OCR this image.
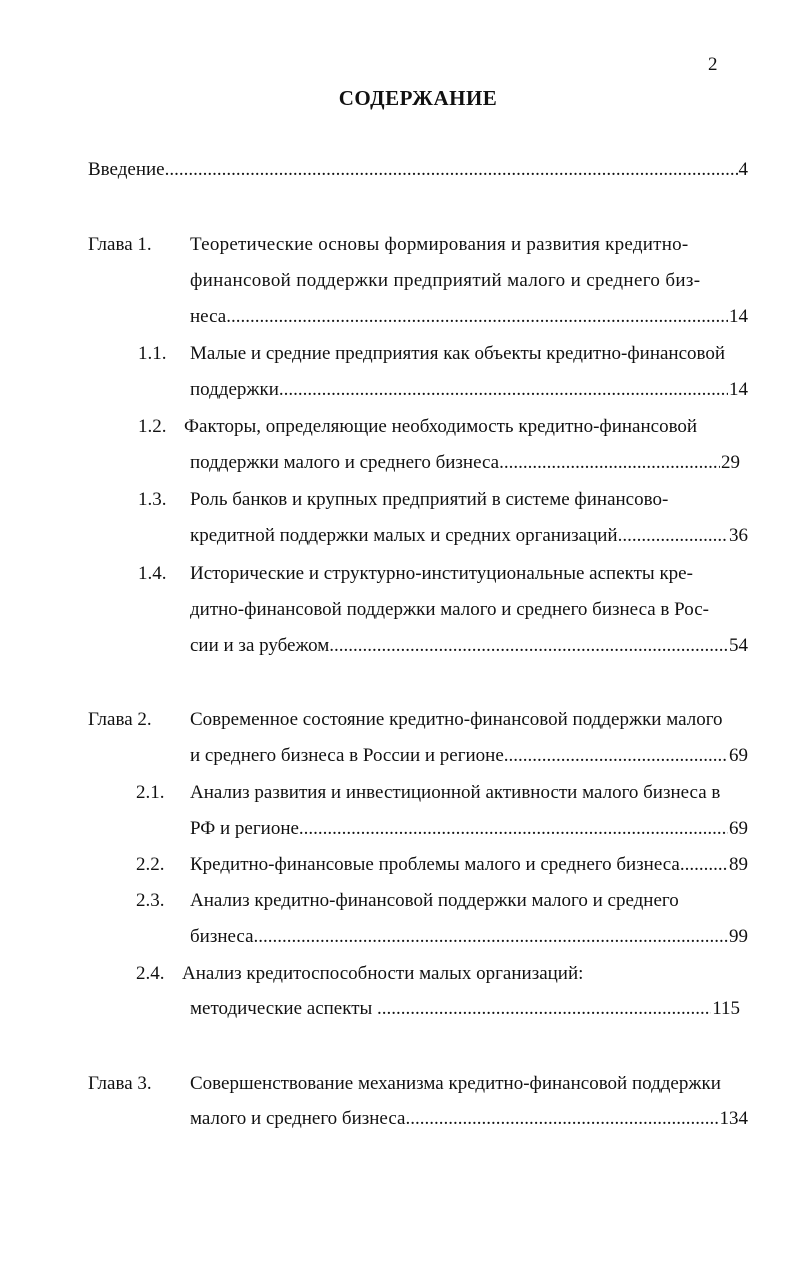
2
СОДЕРЖАНИЕ
Введение .....	4
Глава 1. Теоретические основы формирования и развития кредитно-
финансовой поддержки предприятий малого и среднего биз-
неса .....	14
1.1. Малые и средние предприятия как объекты кредитно-финансовой
поддержки .....	14
1.2. Факторы, определяющие необходимость кредитно-финансовой
поддержки малого и среднего бизнеса .....	29
1.3. Роль банков и крупных предприятий в системе финансово-
кредитной поддержки малых и средних организаций .....	36
1.4. Исторические и структурно-институциональные аспекты кре-
дитно-финансовой поддержки малого и среднего бизнеса в Рос-
сии и за рубежом .....	54
Глава 2. Современное состояние кредитно-финансовой поддержки малого
и среднего бизнеса в России и регионе .....	69
2.1. Анализ развития и инвестиционной активности малого бизнеса в
РФ и регионе .....	69
2.2. Кредитно-финансовые проблемы малого и среднего бизнеса .....	89
2.3. Анализ кредитно-финансовой поддержки малого и среднего
бизнеса .....	99
2.4. Анализ кредитоспособности малых организаций:
методические аспекты .....	115
Глава 3. Совершенствование механизма кредитно-финансовой поддержки
малого и среднего бизнеса .....	134
